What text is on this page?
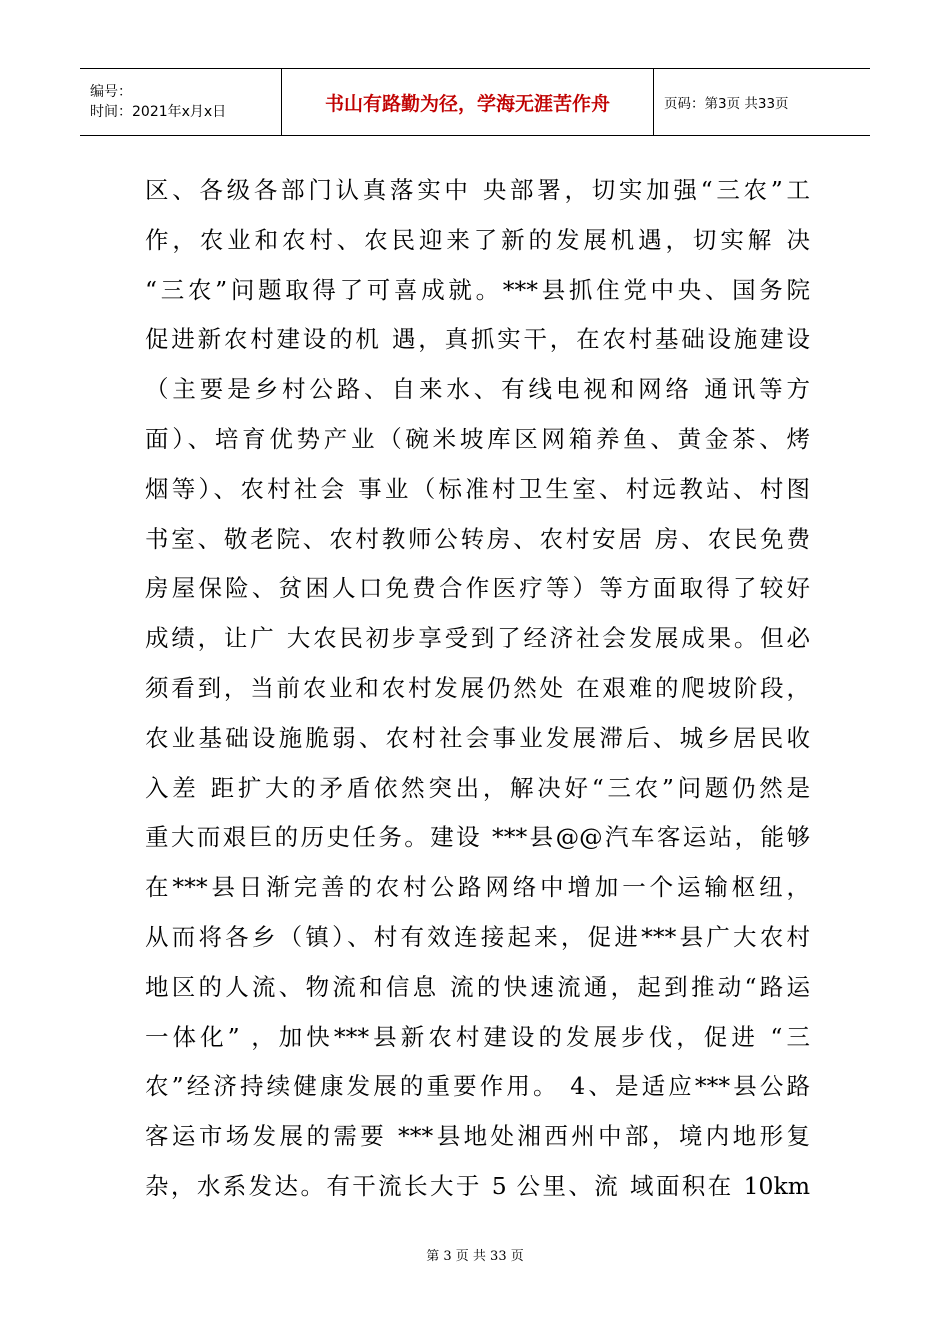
编号：
时间：2021年x月x日	书山有路勤为径，学海无涯苦作舟	页码：第3页 共33页
区、各级各部门认真落实中 央部署，切实加强“三农”工
作，农业和农村、农民迎来了新的发展机遇，切实解 决
“三农”问题取得了可喜成就。***县抓住党中央、国务院
促进新农村建设的机 遇，真抓实干，在农村基础设施建设
（主要是乡村公路、自来水、有线电视和网络 通讯等方
面）、培育优势产业（碗米坡库区网箱养鱼、黄金茶、烤
烟等）、农村社会 事业（标准村卫生室、村远教站、村图
书室、敬老院、农村教师公转房、农村安居 房、农民免费
房屋保险、贫困人口免费合作医疗等）等方面取得了较好
成绩，让广 大农民初步享受到了经济社会发展成果。但必
须看到，当前农业和农村发展仍然处 在艰难的爬坡阶段，
农业基础设施脆弱、农村社会事业发展滞后、城乡居民收
入差 距扩大的矛盾依然突出，解决好“三农”问题仍然是
重大而艰巨的历史任务。建设 ***县@@汽车客运站，能够
在***县日渐完善的农村公路网络中增加一个运输枢纽，
从而将各乡（镇）、村有效连接起来，促进***县广大农村
地区的人流、物流和信息 流的快速流通，起到推动“路运
一体化” ，加快***县新农村建设的发展步伐，促进 “三
农”经济持续健康发展的重要作用。 4、是适应***县公路
客运市场发展的需要 ***县地处湘西州中部，境内地形复
杂，水系发达。有干流长大于 5 公里、流 域面积在 10km
第 3 页 共 33 页
